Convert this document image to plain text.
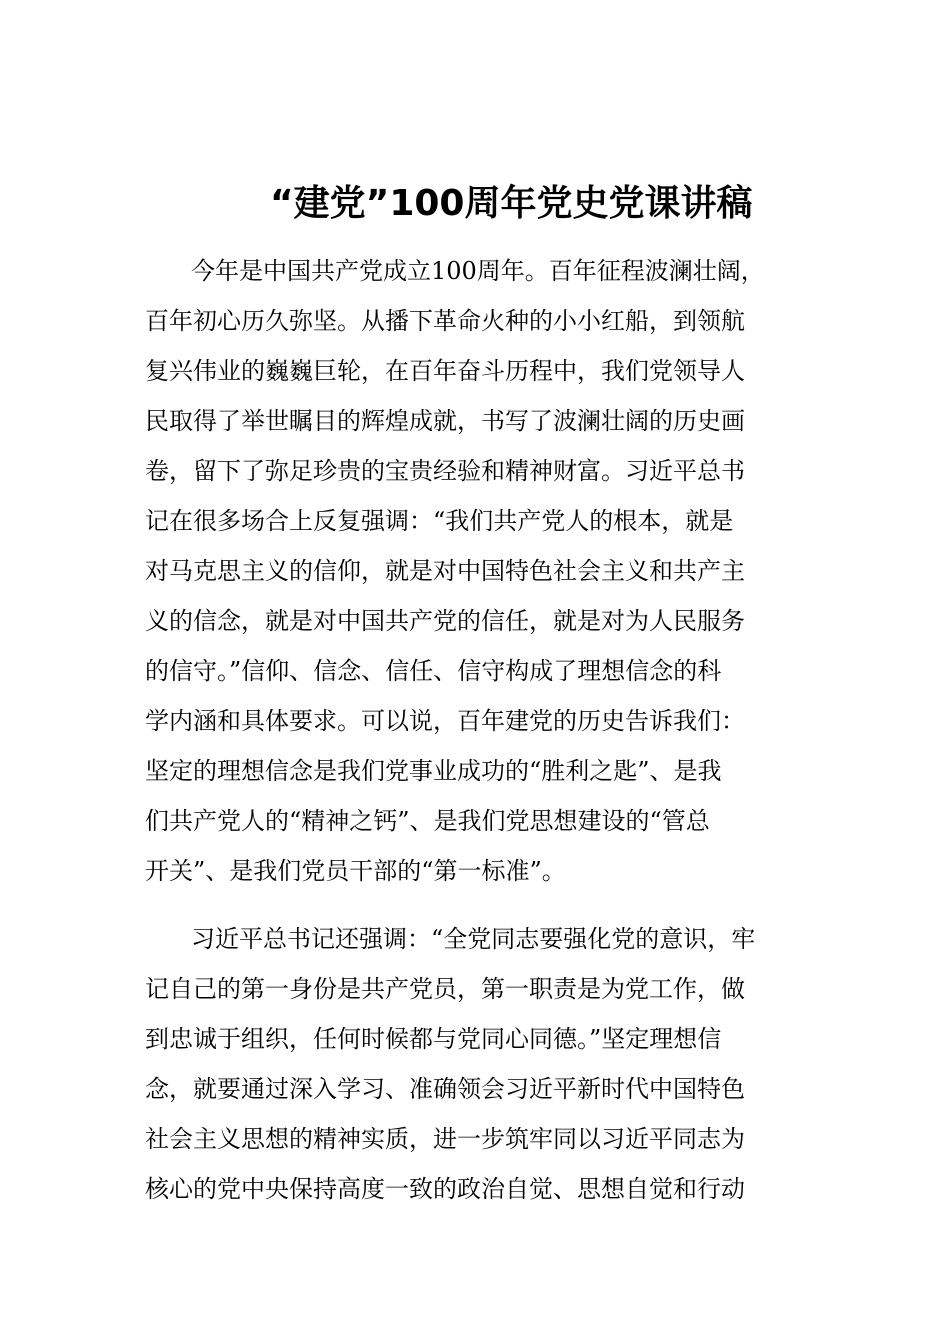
“建党”100周年党史党课讲稿
今年是中国共产党成立100周年。百年征程波澜壮阔，
百年初心历久弥坚。从播下革命火种的小小红船，到领航
复兴伟业的巍巍巨轮，在百年奋斗历程中，我们党领导人
民取得了举世瞩目的辉煌成就，书写了波澜壮阔的历史画
卷，留下了弥足珍贵的宝贵经验和精神财富。习近平总书
记在很多场合上反复强调：“我们共产党人的根本，就是
对马克思主义的信仰，就是对中国特色社会主义和共产主
义的信念，就是对中国共产党的信任，就是对为人民服务
的信守。”信仰、信念、信任、信守构成了理想信念的科
学内涵和具体要求。可以说，百年建党的历史告诉我们：
坚定的理想信念是我们党事业成功的“胜利之匙”、是我
们共产党人的“精神之钙”、是我们党思想建设的“管总
开关”、是我们党员干部的“第一标准”。
习近平总书记还强调：“全党同志要强化党的意识，牢
记自己的第一身份是共产党员，第一职责是为党工作，做
到忠诚于组织，任何时候都与党同心同德。”坚定理想信
念，就要通过深入学习、准确领会习近平新时代中国特色
社会主义思想的精神实质，进一步筑牢同以习近平同志为
核心的党中央保持高度一致的政治自觉、思想自觉和行动
